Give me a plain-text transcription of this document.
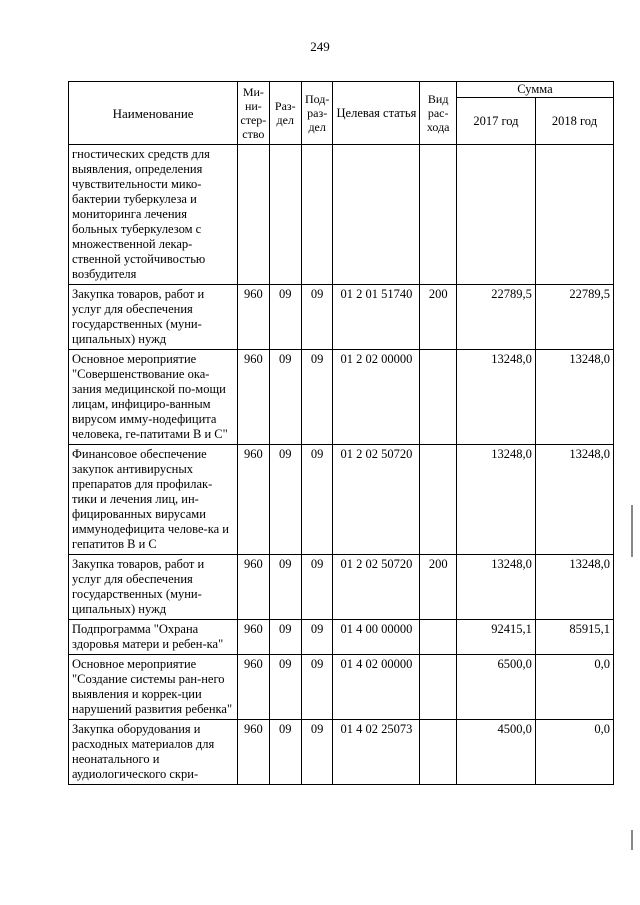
249
Наименование	Ми-ни-стер-ство	Раз-дел	Под-раз-дел	Целевая статья	Вид рас-хода	Сумма	
						2017 год	2018 год
гностических средств для выявления, определения чувствительности мико-бактерии туберкулеза и мониторинга лечения больных туберкулезом с множественной лекар-ственной устойчивостью возбудителя							
Закупка товаров, работ и услуг для обеспечения государственных (муни-ципальных) нужд	960	09	09	01 2 01 51740	200	22789,5	22789,5
Основное мероприятие "Совершенствование ока-зания медицинской по-мощи лицам, инфициро-ванным вирусом имму-нодефицита человека, ге-патитами В и С"	960	09	09	01 2 02 00000		13248,0	13248,0
Финансовое обеспечение закупок антивирусных препаратов для профилак-тики и лечения лиц, ин-фицированных вирусами иммунодефицита челове-ка и гепатитов В и С	960	09	09	01 2 02 50720		13248,0	13248,0
Закупка товаров, работ и услуг для обеспечения государственных (муни-ципальных) нужд	960	09	09	01 2 02 50720	200	13248,0	13248,0
Подпрограмма "Охрана здоровья матери и ребен-ка"	960	09	09	01 4 00 00000		92415,1	85915,1
Основное мероприятие "Создание системы ран-него выявления и коррек-ции нарушений развития ребенка"	960	09	09	01 4 02 00000		6500,0	0,0
Закупка оборудования и расходных материалов для неонатального и аудиологического скри-	960	09	09	01 4 02 25073		4500,0	0,0
